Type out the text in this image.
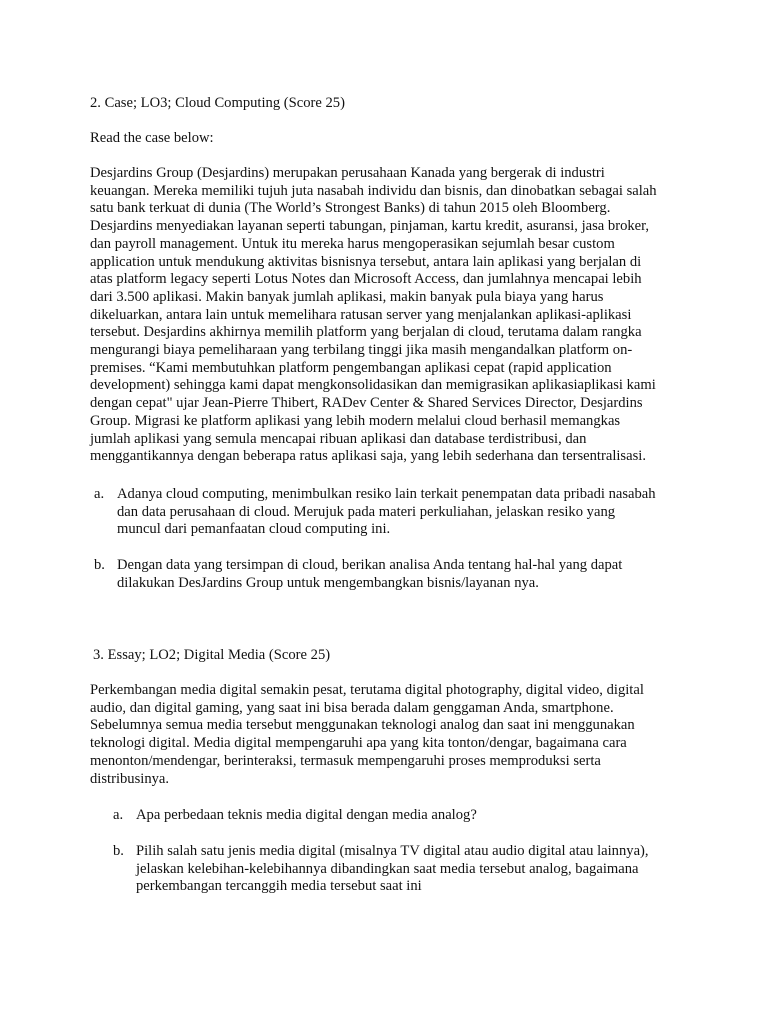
2. Case; LO3; Cloud Computing (Score 25)
Read the case below:
Desjardins Group (Desjardins) merupakan perusahaan Kanada yang bergerak di industri
keuangan. Mereka memiliki tujuh juta nasabah individu dan bisnis, dan dinobatkan sebagai salah
satu bank terkuat di dunia (The World’s Strongest Banks) di tahun 2015 oleh Bloomberg.
Desjardins menyediakan layanan seperti tabungan, pinjaman, kartu kredit, asuransi, jasa broker,
dan payroll management. Untuk itu mereka harus mengoperasikan sejumlah besar custom
application untuk mendukung aktivitas bisnisnya tersebut, antara lain aplikasi yang berjalan di
atas platform legacy seperti Lotus Notes dan Microsoft Access, dan jumlahnya mencapai lebih
dari 3.500 aplikasi. Makin banyak jumlah aplikasi, makin banyak pula biaya yang harus
dikeluarkan, antara lain untuk memelihara ratusan server yang menjalankan aplikasi-aplikasi
tersebut. Desjardins akhirnya memilih platform yang berjalan di cloud, terutama dalam rangka
mengurangi biaya pemeliharaan yang terbilang tinggi jika masih mengandalkan platform on-
premises. “Kami membutuhkan platform pengembangan aplikasi cepat (rapid application
development) sehingga kami dapat mengkonsolidasikan dan memigrasikan aplikasiaplikasi kami
dengan cepat" ujar Jean-Pierre Thibert, RADev Center & Shared Services Director, Desjardins
Group. Migrasi ke platform aplikasi yang lebih modern melalui cloud berhasil memangkas
jumlah aplikasi yang semula mencapai ribuan aplikasi dan database terdistribusi, dan
menggantikannya dengan beberapa ratus aplikasi saja, yang lebih sederhana dan tersentralisasi.
a. Adanya cloud computing, menimbulkan resiko lain terkait penempatan data pribadi nasabah
dan data perusahaan di cloud. Merujuk pada materi perkuliahan, jelaskan resiko yang
muncul dari pemanfaatan cloud computing ini.
b. Dengan data yang tersimpan di cloud, berikan analisa Anda tentang hal-hal yang dapat
dilakukan DesJardins Group untuk mengembangkan bisnis/layanan nya.
3. Essay; LO2; Digital Media (Score 25)
Perkembangan media digital semakin pesat, terutama digital photography, digital video, digital
audio, dan digital gaming, yang saat ini bisa berada dalam genggaman Anda, smartphone.
Sebelumnya semua media tersebut menggunakan teknologi analog dan saat ini menggunakan
teknologi digital. Media digital mempengaruhi apa yang kita tonton/dengar, bagaimana cara
menonton/mendengar, berinteraksi, termasuk mempengaruhi proses memproduksi serta
distribusinya.
a. Apa perbedaan teknis media digital dengan media analog?
b. Pilih salah satu jenis media digital (misalnya TV digital atau audio digital atau lainnya),
jelaskan kelebihan-kelebihannya dibandingkan saat media tersebut analog, bagaimana
perkembangan tercanggih media tersebut saat ini
